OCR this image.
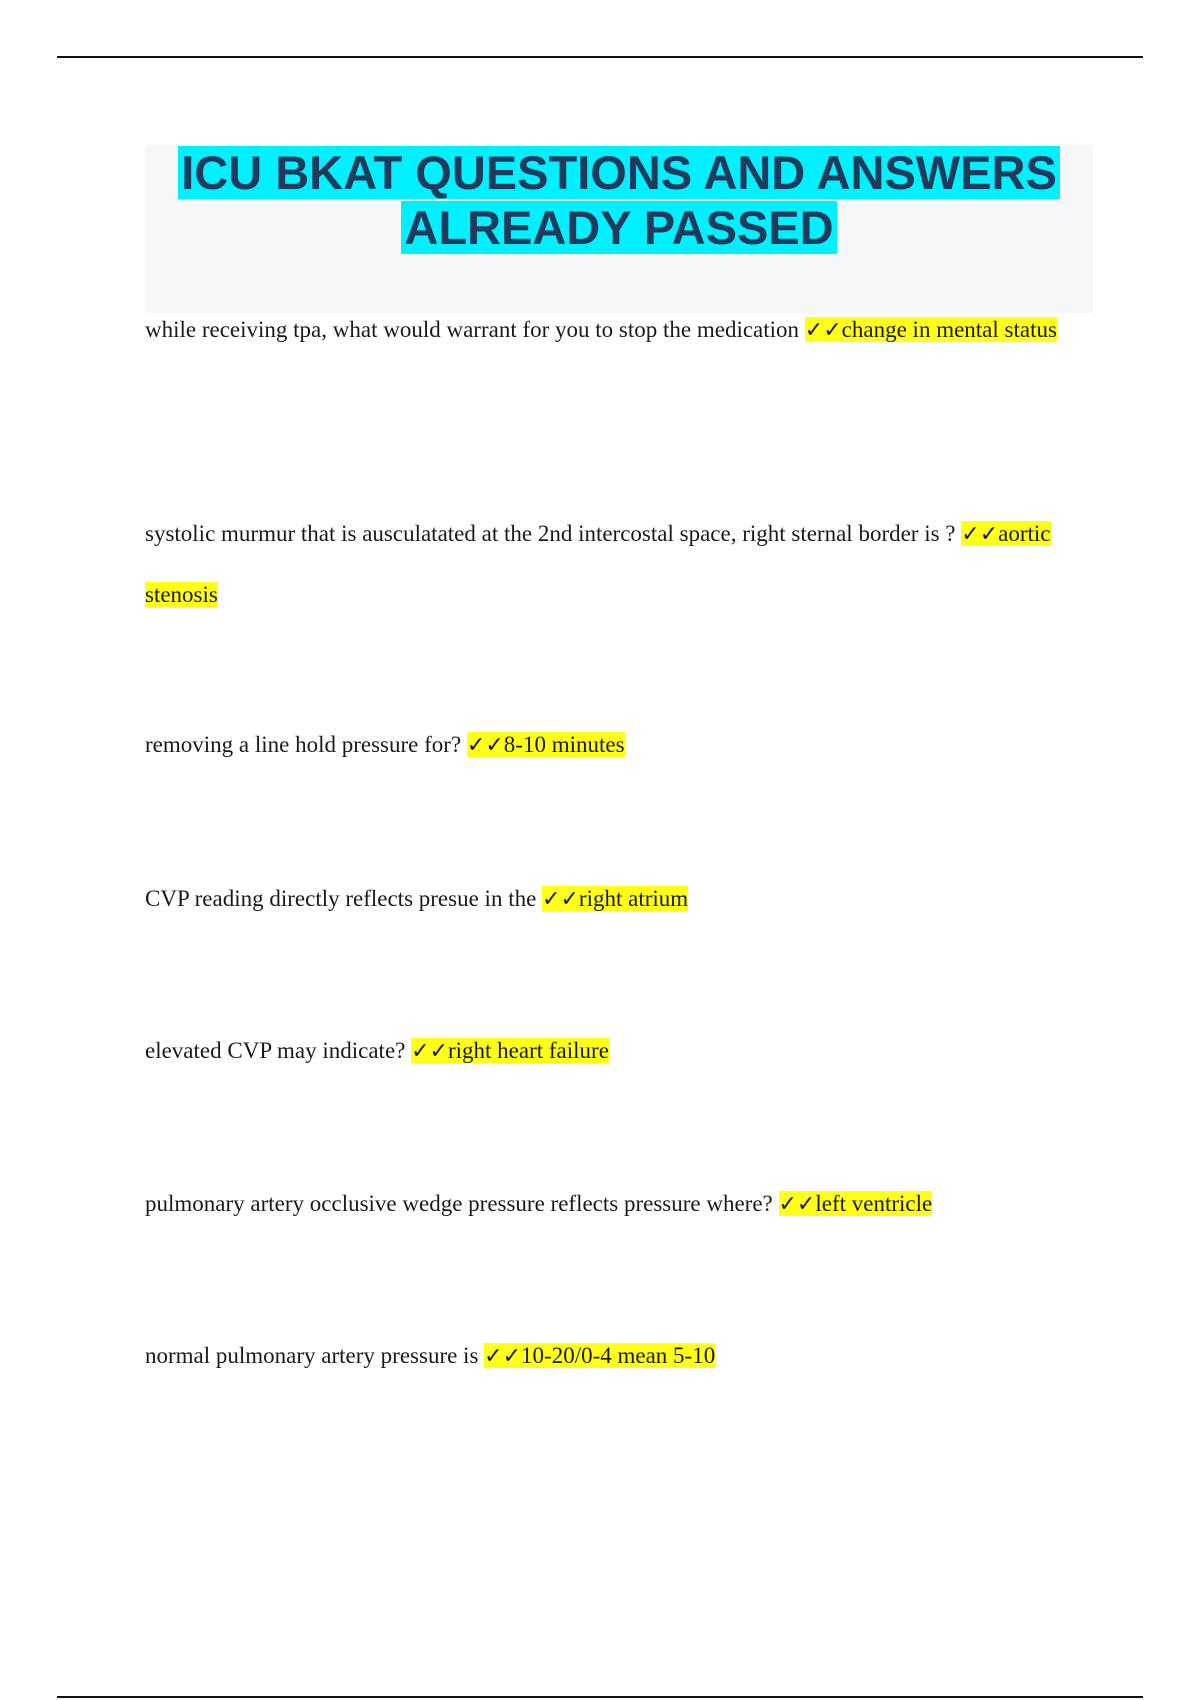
ICU BKAT QUESTIONS AND ANSWERS
ALREADY PASSED

while receiving tpa, what would warrant for you to stop the medication ✓✓change in mental status

systolic murmur that is ausculatated at the 2nd intercostal space, right sternal border is ? ✓✓aortic stenosis

removing a line hold pressure for? ✓✓8-10 minutes

CVP reading directly reflects presue in the ✓✓right atrium

elevated CVP may indicate? ✓✓right heart failure

pulmonary artery occlusive wedge pressure reflects pressure where? ✓✓left ventricle

normal pulmonary artery pressure is ✓✓10-20/0-4 mean 5-10
